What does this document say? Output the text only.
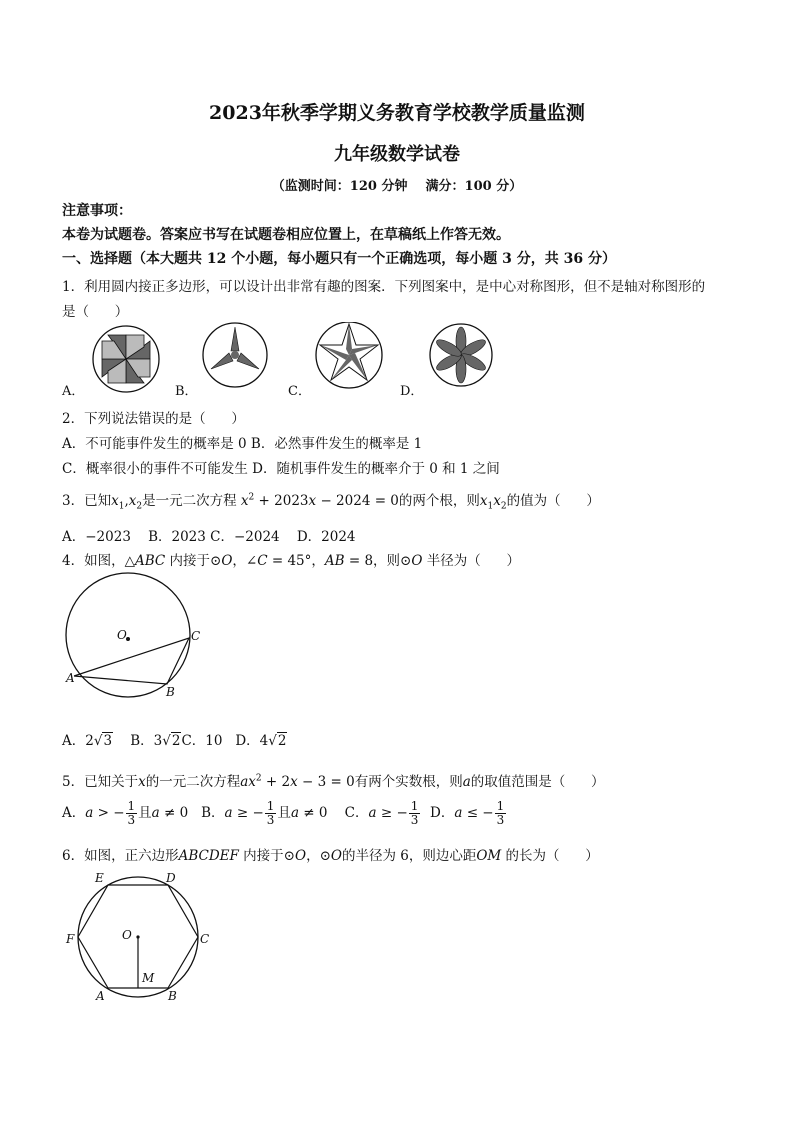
2023年秋季学期义务教育学校教学质量监测
九年级数学试卷
（监测时间：120 分钟    满分：100 分）
注意事项：
本卷为试题卷。答案应书写在试题卷相应位置上，在草稿纸上作答无效。
一、选择题（本大题共 12 个小题，每小题只有一个正确选项，每小题 3 分，共 36 分）
1．利用圆内接正多边形，可以设计出非常有趣的图案．下列图案中，是中心对称图形，但不是轴对称图形的
是（      ）
A．	B．	C．	D．
2．下列说法错误的是（      ）
A．不可能事件发生的概率是 0 B．必然事件发生的概率是 1
C．概率很小的事件不可能发生 D．随机事件发生的概率介于 0 和 1 之间
3．已知$x_1,x_2$是一元二次方程 $x^2 + 2023x - 2024 = 0$的两个根，则$x_1x_2$的值为（      ）
A．−2023    B．2023 C．−2024    D．2024
4．如图，△ABC 内接于⊙O，∠C = 45°，AB = 8，则⊙O 半径为（      ）
O
A
B
C
A．2√3 B．3√2C．10 D．4√2
5．已知关于x的一元二次方程$ax^2 + 2x - 3 = 0$有两个实数根，则a的取值范围是（      ）
A．a > − $\frac{1}{3}$ 且a ≠ 0   B．a ≥ − $\frac{1}{3}$ 且a ≠ 0    C．a ≥ − $\frac{1}{3}$ D．a ≤ − $\frac{1}{3}$
6．如图，正六边形ABCDEF 内接于⊙O，⊙O的半径为 6，则边心距OM 的长为（      ）
O
M
A	B
C
D
E
F
